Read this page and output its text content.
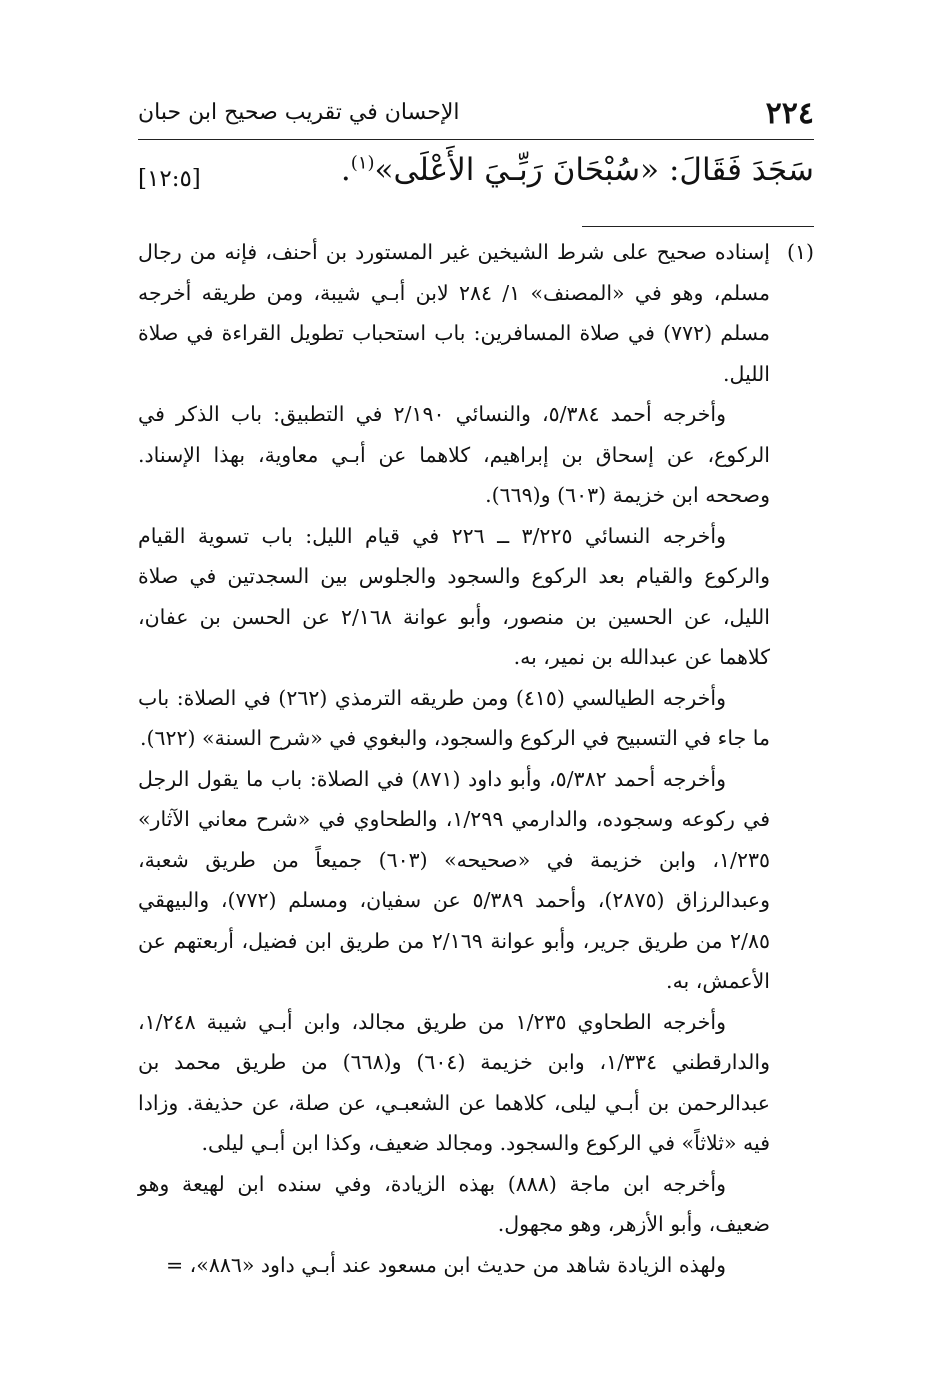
٢٢٤
الإحسان في تقريب صحيح ابن حبان
سَجَدَ فَقَالَ: «سُبْحَانَ رَبِّـيَ الأَعْلَى»$^{(١)}$.
[١٢:٥]

(١)
إسناده صحيح على شرط الشيخين غير المستورد بن أحنف، فإنه من رجال مسلم، وهو في «المصنف» ١/ ٢٨٤ لابن أبـي شيبة، ومن طريقه أخرجه مسلم (٧٧٢) في صلاة المسافرين: باب استحباب تطويل القراءة في صلاة الليل.

وأخرجه أحمد ٥/٣٨٤، والنسائي ٢/١٩٠ في التطبيق: باب الذكر في الركوع، عن إسحاق بن إبراهيم، كلاهما عن أبـي معاوية، بهذا الإسناد. وصححه ابن خزيمة (٦٠٣) و(٦٦٩).

وأخرجه النسائي ٣/٢٢٥ ــ ٢٢٦ في قيام الليل: باب تسوية القيام والركوع والقيام بعد الركوع والسجود والجلوس بين السجدتين في صلاة الليل، عن الحسين بن منصور، وأبو عوانة ٢/١٦٨ عن الحسن بن عفان، كلاهما عن عبدالله بن نمير، به.

وأخرجه الطيالسي (٤١٥) ومن طريقه الترمذي (٢٦٢) في الصلاة: باب ما جاء في التسبيح في الركوع والسجود، والبغوي في «شرح السنة» (٦٢٢).

وأخرجه أحمد ٥/٣٨٢، وأبو داود (٨٧١) في الصلاة: باب ما يقول الرجل في ركوعه وسجوده، والدارمي ١/٢٩٩، والطحاوي في «شرح معاني الآثار» ١/٢٣٥، وابن خزيمة في «صحيحه» (٦٠٣) جميعاً من طريق شعبة، وعبدالرزاق (٢٨٧٥)، وأحمد ٥/٣٨٩ عن سفيان، ومسلم (٧٧٢)، والبيهقي ٢/٨٥ من طريق جرير، وأبو عوانة ٢/١٦٩ من طريق ابن فضيل، أربعتهم عن الأعمش، به.

وأخرجه الطحاوي ١/٢٣٥ من طريق مجالد، وابن أبـي شيبة ١/٢٤٨، والدارقطني ١/٣٣٤، وابن خزيمة (٦٠٤) و(٦٦٨) من طريق محمد بن عبدالرحمن بن أبـي ليلى، كلاهما عن الشعبـي، عن صلة، عن حذيفة. وزادا فيه «ثلاثاً» في الركوع والسجود. ومجالد ضعيف، وكذا ابن أبـي ليلى.

وأخرجه ابن ماجة (٨٨٨) بهذه الزيادة، وفي سنده ابن لهيعة وهو ضعيف، وأبو الأزهر، وهو مجهول.

ولهذه الزيادة شاهد من حديث ابن مسعود عند أبـي داود «٨٨٦»، =
